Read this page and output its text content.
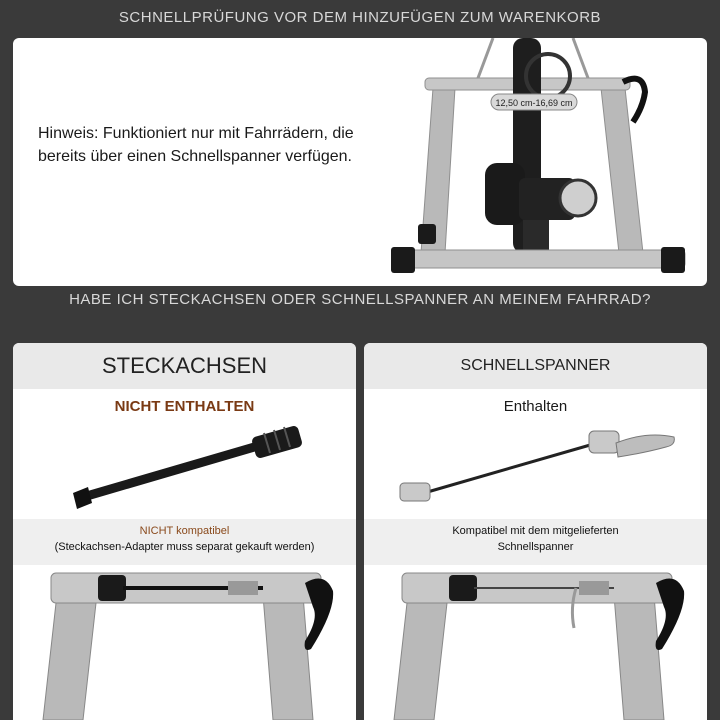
SCHNELLPRÜFUNG VOR DEM HINZUFÜGEN ZUM WARENKORB
Hinweis: Funktioniert nur mit Fahrrädern, die bereits über einen Schnellspanner verfügen.
12,50 cm-16,69 cm
HABE ICH STECKACHSEN ODER SCHNELLSPANNER AN MEINEM FAHRRAD?
STECKACHSEN
NICHT ENTHALTEN
NICHT kompatibel
(Steckachsen-Adapter muss separat gekauft werden)
SCHNELLSPANNER
Enthalten
Kompatibel mit dem mitgelieferten
Schnellspanner
